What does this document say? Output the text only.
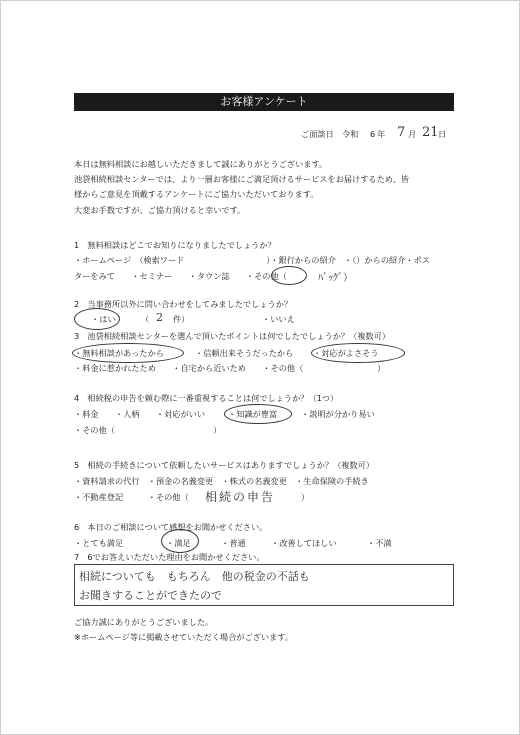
お客様アンケート
ご面談日　令和 6 年 7 月 21 日
本日は無料相談にお越しいただきまして誠にありがとうございます。
池袋相続相談センターでは、より一層お客様にご満足頂けるサービスをお届けするため、皆
様からご意見を頂戴するアンケートにご協力いただいております。
大変お手数ですが、ご協力頂けると幸いです。
1　無料相談はどこでお知りになりましたでしょうか？
・ホームページ　（検索ワード　　　　　　　　　　）・銀行からの紹介　・（）からの紹介・ポス
ターをみて　　・セミナー　　・タウン誌　　・その他（	ﾊﾞｯｸﾞ）
2　当事務所以外に問い合わせをしてみましたでしょうか？
・はい	（ 2 件）	・いいえ
3　池袋相続相談センターを選んで頂いたポイントは何でしたでしょうか？（複数可）
・無料相談があったから	・信頼出来そうだったから ・対応がよさそう
・料金に惹かれたため　　・自宅から近いため　　・その他（　　　　　　　　　）
4　相続税の申告を頼む際に一番重視することは何でしょうか？（1つ）
・料金　　・人柄　　・対応がいい	・知識が豊富	・説明が分かり易い
・その他（　　　　　　　　　　　　）
5　相続の手続きについて依頼したいサービスはありますでしょうか？（複数可）
・資料請求の代行　・預金の名義変更　・株式の名義変更　・生命保険の手続き
・不動産登記　　　・その他（ 相続の申告	）
6　本日のご相談について感想をお聞かせください。
・とても満足	・満足	・普通	・改善してほしい	・不満
7　6でお答えいただいた理由をお聞かせください。
相続についても　もちろん　他の税金の不話も
お聞きすることができたので
ご協力誠にありがとうございました。
※ホームページ等に掲載させていただく場合がございます。
